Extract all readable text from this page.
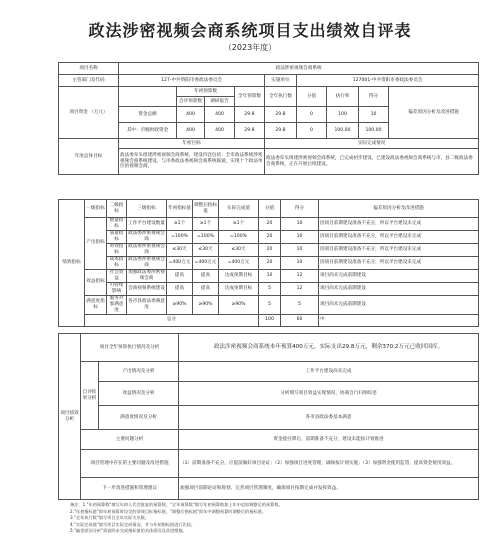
政法涉密视频会商系统项目支出绩效自评表
（2023年度）
项目名称	政法涉密视频会商系统								
主管部门及代码	127-中共资阳市委政法委员会				实施单位	127001-中共资阳市委政法委员会			
项目资金 （万元）		年初预算数		全年预算数	全年执行数	分值	执行率	得分	偏差原因分析及改进措施
		自评预算数	调研报告						
	资金总额	400	400	29.8	29.8	0	100	10	
	其中：市级财政资金	400	400	29.8	29.8	0	100.00	100.00	
年度总体目标	年初目标				实际完成情况				
	政法委牵头组建涉密视频会商系统，建设内容包括：全市政法系统涉密视频会商系统建设，与市委政法委视频会商系统联通，实现十个政法单位的视频会商。				政法委牵头组建涉密视频会商系统，已完成初步建设，已建设政法委视频会商系统与市、县二级政法委会商系统，正在开展后续建设。				
绩效指标	一级指标	二级指标	三级指标	年初指标值	调整后指标值	实际完成值	分值	得分	偏差原因分析及改进措施
	产出指标	数量指标	工作平台建设数量	≥1个	≥1个	≥1个	20	10	因项目前期建设准备不充分，所以平台建设未完成
		质量指标	政法委涉密视频会商	=100%	=100%	=100%	20	10	因项目前期建设准备不充分，所以平台建设未完成
		时效指标	政法委涉密视频会商	≤30天	≤30天	≤30天	20	10	因项目前期建设准备不充分，所以平台建设未完成
		成本指标	政法委涉密视频会商	=400万元	=400万元	=400万元	20	10	因项目前期建设准备不充分，所以平台建设未完成
	效益指标	社会效益	加强政法委涉密视频会商	提高	提高	达成预期目标	10	12	项目尚未完成前期建设
		可持续影响	会商视频系统建设	提高	提高	达成预期目标	5	12	项目尚未完成前期建设
	满意度指标	服务对象满意度	各市县政法委满意度	≥90%	≥90%	≥90%	5	5	项目尚未完成前期建设
	总分						100	60	中
项目绩效分析	项目全年预算执行情况及分析		政法涉密视频会商系统本年预算400万元，实际支出29.8万元，剩余370.2万元已收回国库。
	自评结果分析	产出情况及分析	工作平台建设尚未完成
		效益情况及分析	分析填写项目效益实现情况，协商自行归纳综述
		满意度情况及分析	各市县政法委基本满意
	主要问题分析		资金拨付滞后，前期准备不充分，建设未能按计划推进
	项目管理中存在的主要问题及改进措施		（1）前期准备不充分，应提前做好项目论证；（2）加强项目进度管理，确保按计划实施；（3）加强资金使用监管，提高资金使用效益。
	下一步改进措施和管理建议		加强项目前期论证和规划，完善项目管理制度，确保项目按期完成并发挥效益。
备注：1."年初预算数"填写年初人代会批复的预算数，"全年预算数"填写年初预算数加上年中追加调整后的预算数。
2."年初指标值"即年初预算时设定的绩效目标指标值，"调整后指标值"即年中调整预算时调整后的指标值。
3."全年执行数"填写项目全年实际支出数。
4."实际完成值"填写项目实际完成情况，并与年初指标值进行比较。
5."偏差原因分析"需说明未完成指标值的具体原因及改进措施。
